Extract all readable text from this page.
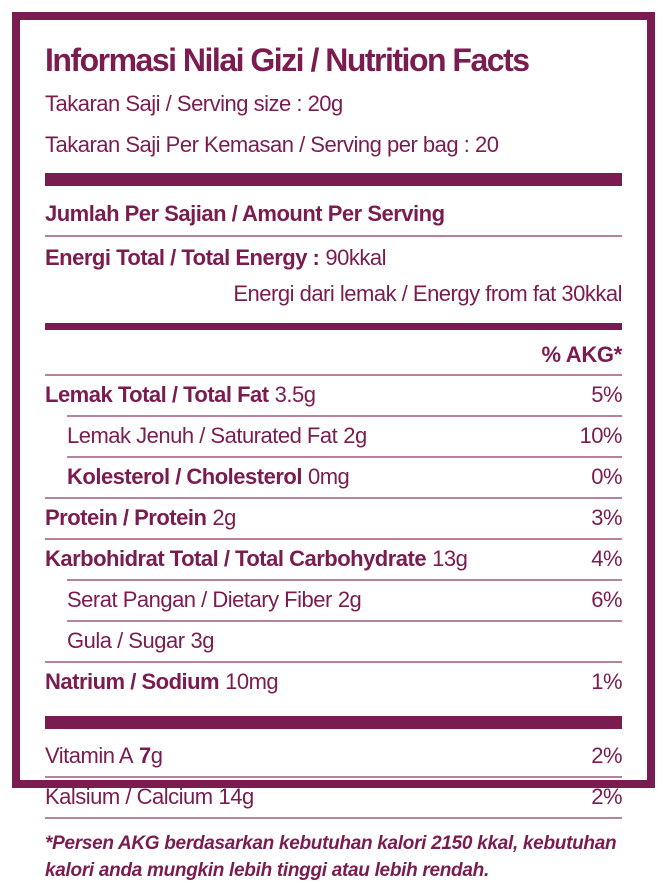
Informasi Nilai Gizi / Nutrition Facts
Takaran Saji / Serving size : 20g
Takaran Saji Per Kemasan / Serving per bag : 20
Jumlah Per Sajian / Amount Per Serving
Energi Total / Total Energy : 90kkal
Energi dari lemak / Energy from fat 30kkal
% AKG*
Lemak Total / Total Fat 3.5g	5%
Lemak Jenuh / Saturated Fat 2g	10%
Kolesterol / Cholesterol 0mg	0%
Protein / Protein 2g	3%
Karbohidrat Total / Total Carbohydrate 13g	4%
Serat Pangan / Dietary Fiber 2g	6%
Gula / Sugar 3g
Natrium / Sodium 10mg	1%
Vitamin A 7g	2%
Kalsium / Calcium 14g	2%
*Persen AKG berdasarkan kebutuhan kalori 2150 kkal, kebutuhan kalori anda mungkin lebih tinggi atau lebih rendah.
